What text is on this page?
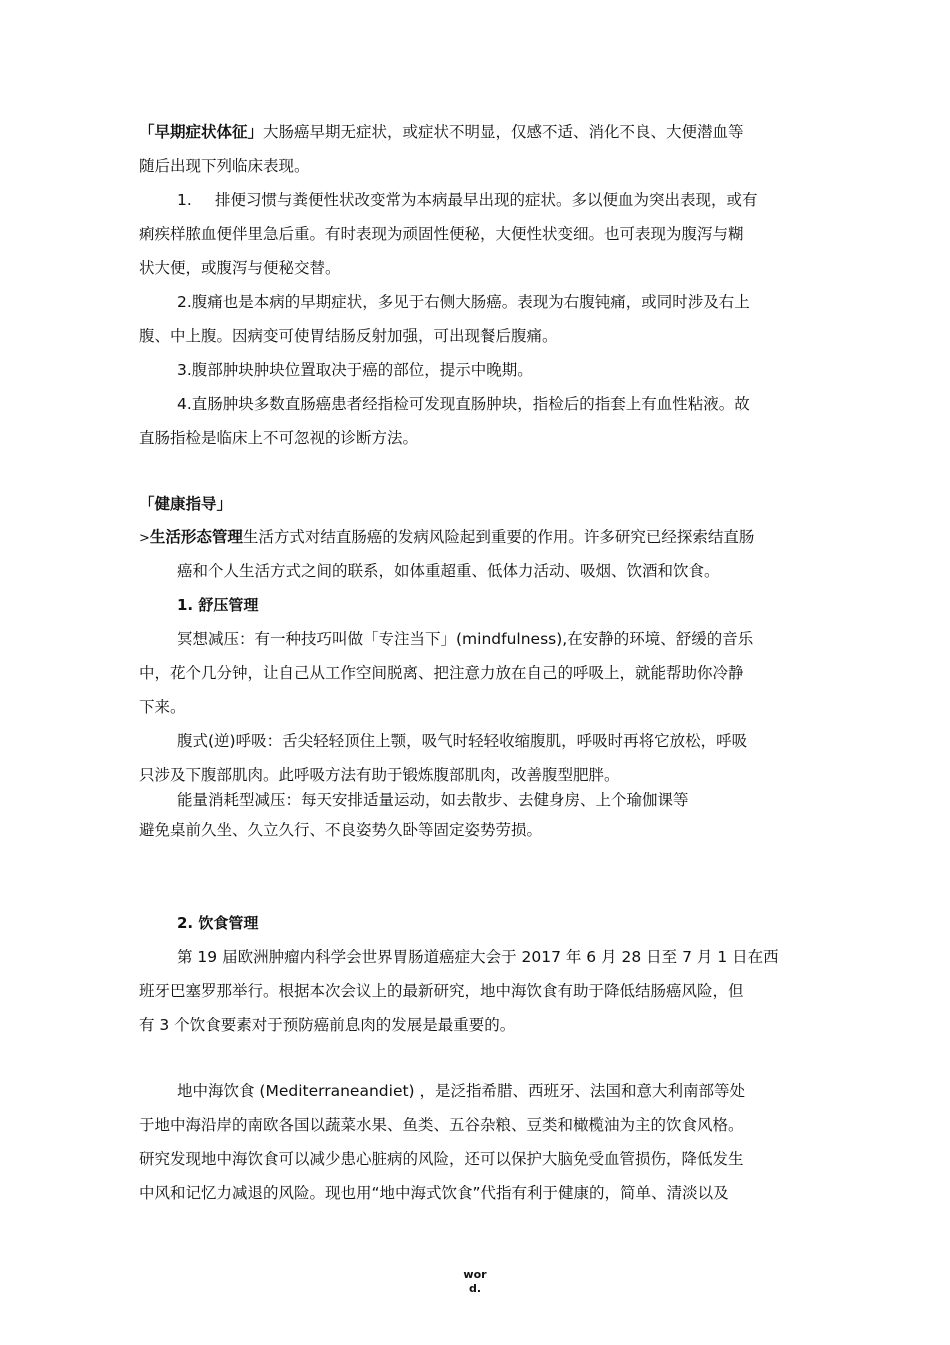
「早期症状体征」大肠癌早期无症状，或症状不明显，仅感不适、消化不良、大便潜血等
随后出现下列临床表现。
1. 排便习惯与粪便性状改变常为本病最早出现的症状。多以便血为突出表现，或有
痢疾样脓血便伴里急后重。有时表现为顽固性便秘，大便性状变细。也可表现为腹泻与糊
状大便，或腹泻与便秘交替。
2.腹痛也是本病的早期症状，多见于右侧大肠癌。表现为右腹钝痛，或同时涉及右上
腹、中上腹。因病变可使胃结肠反射加强，可出现餐后腹痛。
3.腹部肿块肿块位置取决于癌的部位，提示中晚期。
4.直肠肿块多数直肠癌患者经指检可发现直肠肿块，指检后的指套上有血性粘液。故
直肠指检是临床上不可忽视的诊断方法。
「健康指导」
>生活形态管理生活方式对结直肠癌的发病风险起到重要的作用。许多研究已经探索结直肠
癌和个人生活方式之间的联系，如体重超重、低体力活动、吸烟、饮酒和饮食。
1. 舒压管理
冥想减压：有一种技巧叫做「专注当下」(mindfulness),在安静的环境、舒缓的音乐
中，花个几分钟，让自己从工作空间脱离、把注意力放在自己的呼吸上，就能帮助你冷静
下来。
腹式(逆)呼吸：舌尖轻轻顶住上颚，吸气时轻轻收缩腹肌，呼吸时再将它放松，呼吸
只涉及下腹部肌肉。此呼吸方法有助于锻炼腹部肌肉，改善腹型肥胖。
能量消耗型减压：每天安排适量运动，如去散步、去健身房、上个瑜伽课等
避免桌前久坐、久立久行、不良姿势久卧等固定姿势劳损。
2. 饮食管理
第 19 届欧洲肿瘤内科学会世界胃肠道癌症大会于 2017 年 6 月 28 日至 7 月 1 日在西
班牙巴塞罗那举行。根据本次会议上的最新研究，地中海饮食有助于降低结肠癌风险，但
有 3 个饮食要素对于预防癌前息肉的发展是最重要的。
地中海饮食 (Mediterraneandiet) ，是泛指希腊、西班牙、法国和意大利南部等处
于地中海沿岸的南欧各国以蔬菜水果、鱼类、五谷杂粮、豆类和橄榄油为主的饮食风格。
研究发现地中海饮食可以减少患心脏病的风险，还可以保护大脑免受血管损伤，降低发生
中风和记忆力减退的风险。现也用“地中海式饮食”代指有利于健康的，简单、清淡以及
wor
d.
